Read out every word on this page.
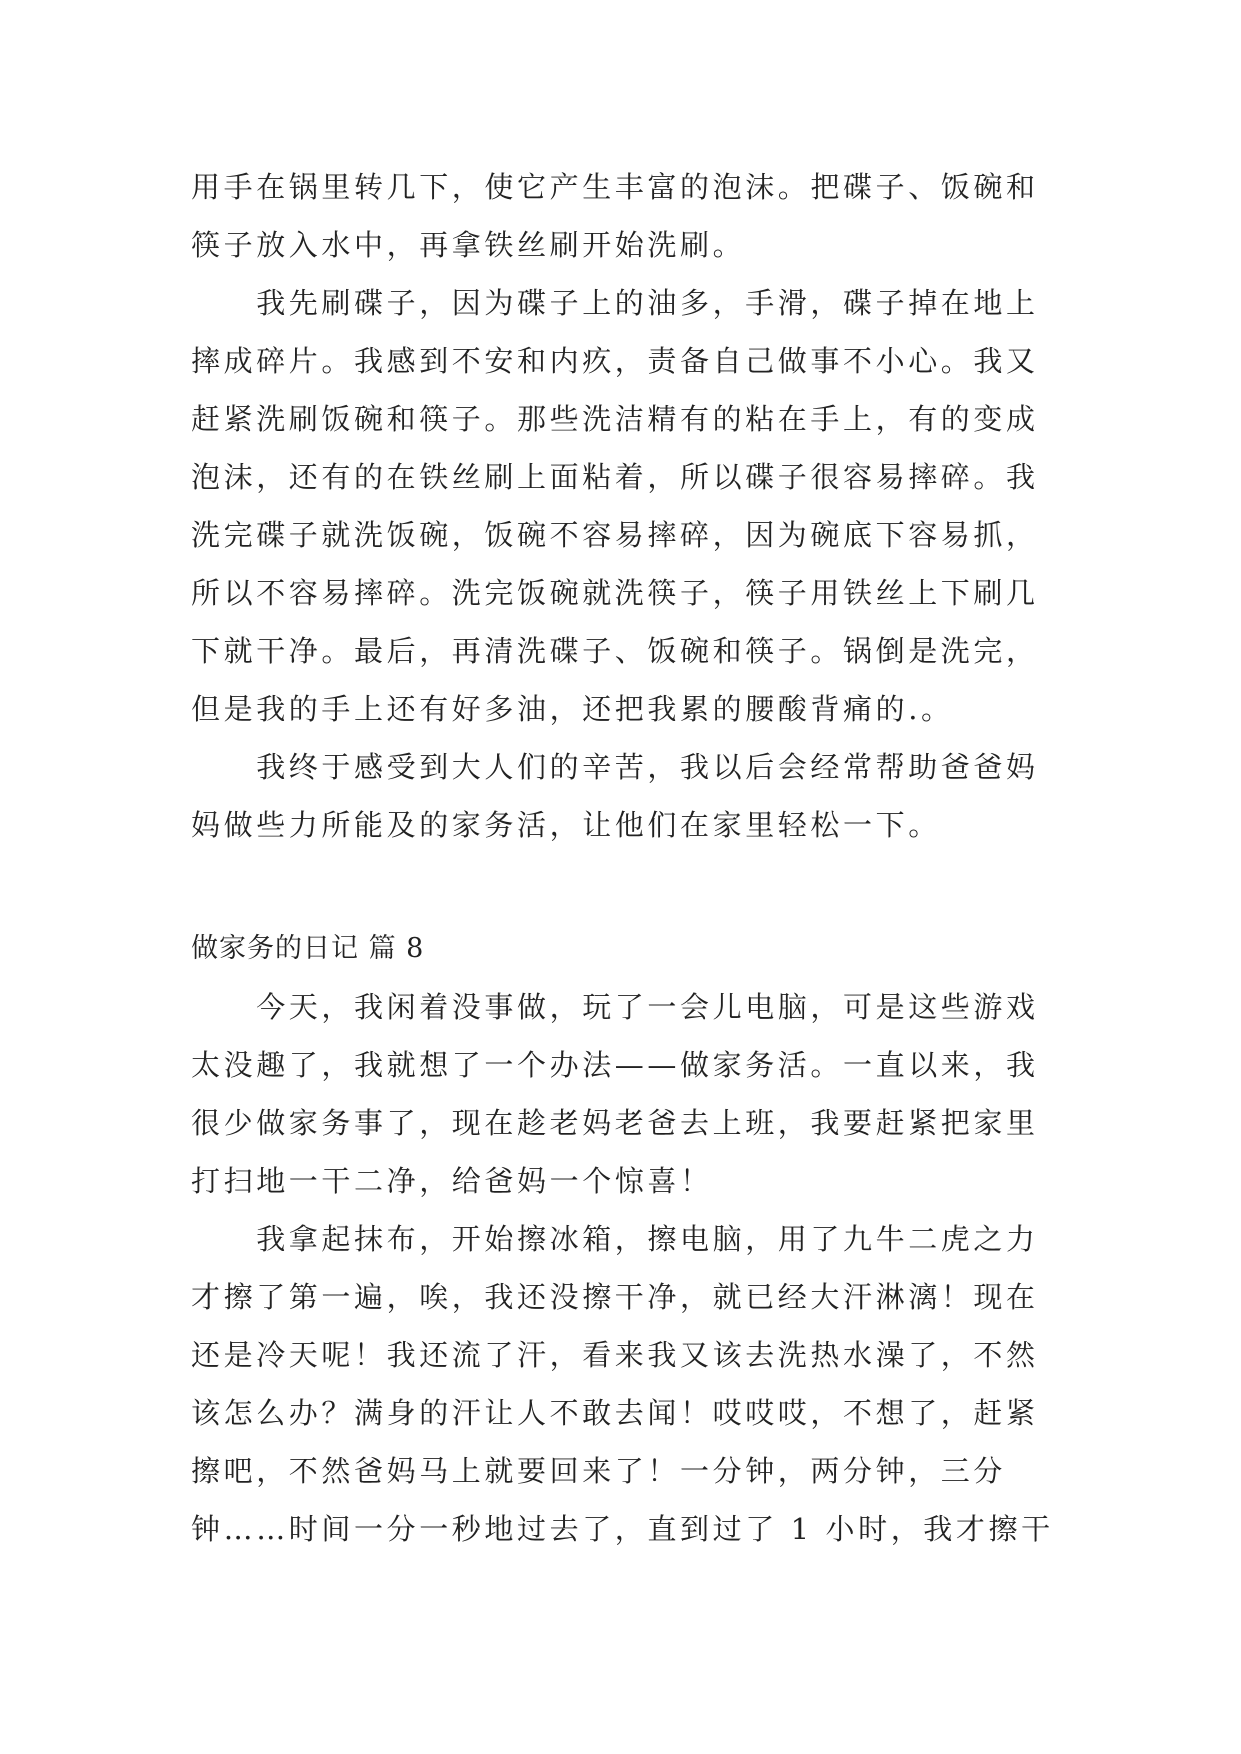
用手在锅里转几下，使它产生丰富的泡沫。把碟子、饭碗和
筷子放入水中，再拿铁丝刷开始洗刷。
　　我先刷碟子，因为碟子上的油多，手滑，碟子掉在地上
摔成碎片。我感到不安和内疚，责备自己做事不小心。我又
赶紧洗刷饭碗和筷子。那些洗洁精有的粘在手上，有的变成
泡沫，还有的在铁丝刷上面粘着，所以碟子很容易摔碎。我
洗完碟子就洗饭碗，饭碗不容易摔碎，因为碗底下容易抓，
所以不容易摔碎。洗完饭碗就洗筷子，筷子用铁丝上下刷几
下就干净。最后，再清洗碟子、饭碗和筷子。锅倒是洗完，
但是我的手上还有好多油，还把我累的腰酸背痛的.。
　　我终于感受到大人们的辛苦，我以后会经常帮助爸爸妈
妈做些力所能及的家务活，让他们在家里轻松一下。
做家务的日记 篇 8
　　今天，我闲着没事做，玩了一会儿电脑，可是这些游戏
太没趣了，我就想了一个办法——做家务活。一直以来，我
很少做家务事了，现在趁老妈老爸去上班，我要赶紧把家里
打扫地一干二净，给爸妈一个惊喜！
　　我拿起抹布，开始擦冰箱，擦电脑，用了九牛二虎之力
才擦了第一遍，唉，我还没擦干净，就已经大汗淋漓！现在
还是冷天呢！我还流了汗，看来我又该去洗热水澡了，不然
该怎么办？满身的汗让人不敢去闻！哎哎哎，不想了，赶紧
擦吧，不然爸妈马上就要回来了！一分钟，两分钟，三分
钟……时间一分一秒地过去了，直到过了 1 小时，我才擦干
